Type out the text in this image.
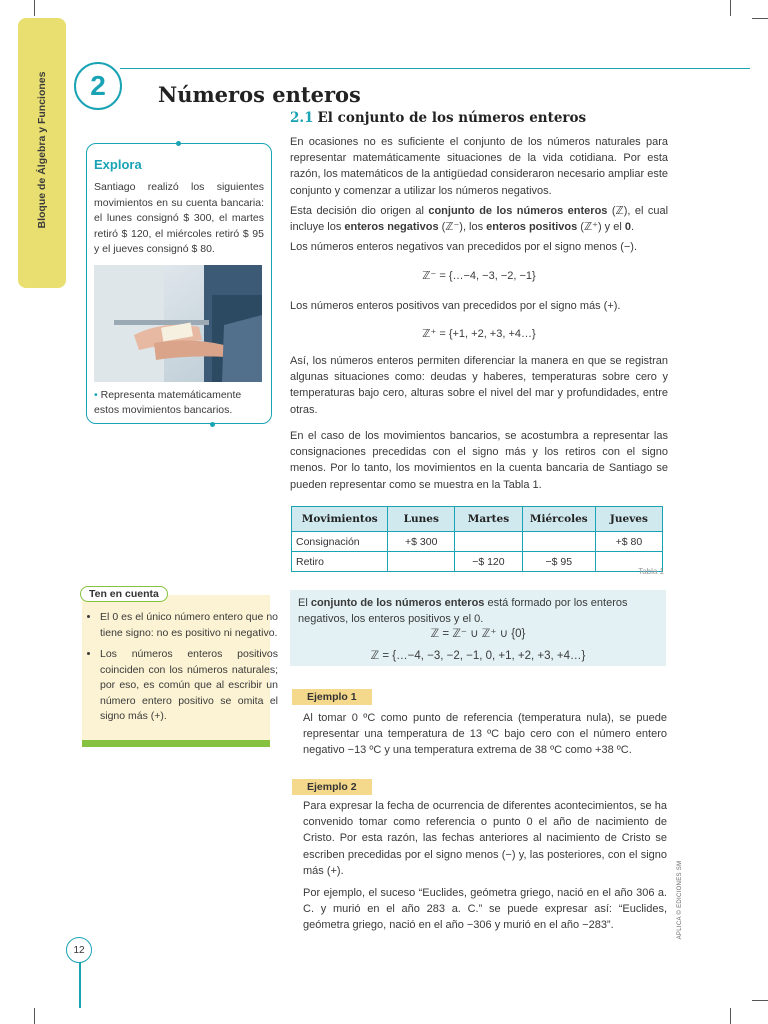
Bloque de Álgebra y Funciones	2	Números enteros
2.1 El conjunto de los números enteros

En ocasiones no es suficiente el conjunto de los números naturales para representar matemáticamente situaciones de la vida cotidiana. Por esta razón, los matemáticos de la antigüedad consideraron necesario ampliar este conjunto y comenzar a utilizar los números negativos.

Esta decisión dio origen al conjunto de los números enteros (ℤ), el cual incluye los enteros negativos (ℤ⁻), los enteros positivos (ℤ⁺) y el 0.

Los números enteros negativos van precedidos por el signo menos (−).

ℤ⁻ = {…−4, −3, −2, −1}
Los números enteros positivos van precedidos por el signo más (+).
ℤ⁺ = {+1, +2, +3, +4…}
Así, los números enteros permiten diferenciar la manera en que se registran algunas situaciones como: deudas y haberes, temperaturas sobre cero y temperaturas bajo cero, alturas sobre el nivel del mar y profundidades, entre otras.
En el caso de los movimientos bancarios, se acostumbra a representar las consignaciones precedidas con el signo más y los retiros con el signo menos. Por lo tanto, los movimientos en la cuenta bancaria de Santiago se pueden representar como se muestra en la Tabla 1.
Explora
Santiago realizó los siguientes movimientos en su cuenta bancaria: el lunes consignó $ 300, el martes retiró $ 120, el miércoles retiró $ 95 y el jueves consignó $ 80.
• Representa matemáticamente estos movimientos bancarios.
Movimientos	Lunes	Martes	Miércoles	Jueves
Consignación	+$ 300			+$ 80
Retiro		−$ 120	−$ 95	
Tabla 1
Ten en cuenta
• El 0 es el único número entero que no tiene signo: no es positivo ni negativo.
• Los números enteros positivos coinciden con los números naturales; por eso, es común que al escribir un número entero positivo se omita el signo más (+).
El conjunto de los números enteros está formado por los enteros negativos, los enteros positivos y el 0.
ℤ = ℤ⁻ ∪ ℤ⁺ ∪ {0}
ℤ = {…−4, −3, −2, −1, 0, +1, +2, +3, +4…}
Ejemplo 1
Al tomar 0 ºC como punto de referencia (temperatura nula), se puede representar una temperatura de 13 ºC bajo cero con el número entero negativo −13 ºC y una temperatura extrema de 38 ºC como +38 ºC.
Ejemplo 2

Para expresar la fecha de ocurrencia de diferentes acontecimientos, se ha convenido tomar como referencia o punto 0 el año de nacimiento de Cristo. Por esta razón, las fechas anteriores al nacimiento de Cristo se escriben precedidas por el signo menos (−) y, las posteriores, con el signo más (+).

Por ejemplo, el suceso “Euclides, geómetra griego, nació en el año 306 a. C. y murió en el año 283 a. C.” se puede expresar así: “Euclides, geómetra griego, nació en el año −306 y murió en el año −283”.	APLICA © EDICIONES SM
12
